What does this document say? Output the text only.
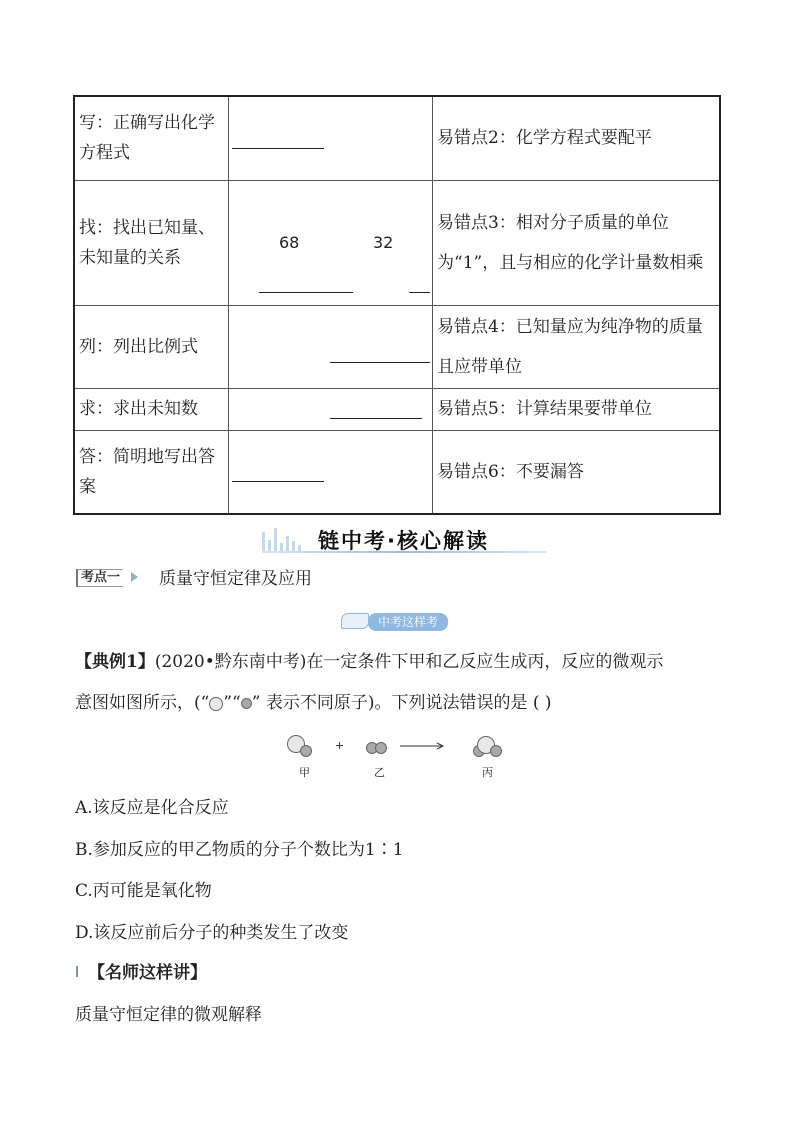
写：正确写出化学方程式		易错点2：化学方程式要配平
找：找出已知量、未知量的关系	68 32	易错点3：相对分子质量的单位为“1”，且与相应的化学计量数相乘
列：列出比例式		易错点4：已知量应为纯净物的质量且应带单位
求：求出未知数		易错点5：计算结果要带单位
答：简明地写出答案		易错点6：不要漏答
链中考·核心解读
考点一 质量守恒定律及应用
中考这样考
【典例1】(2020•黔东南中考)在一定条件下甲和乙反应生成丙，反应的微观示
意图如图所示，(“ ”“ ” 表示不同原子)。下列说法错误的是 ( )
甲
+
乙	丙
A.该反应是化合反应
B.参加反应的甲乙物质的分子个数比为1∶1
C.丙可能是氧化物
D.该反应前后分子的种类发生了改变
【名师这样讲】
质量守恒定律的微观解释
